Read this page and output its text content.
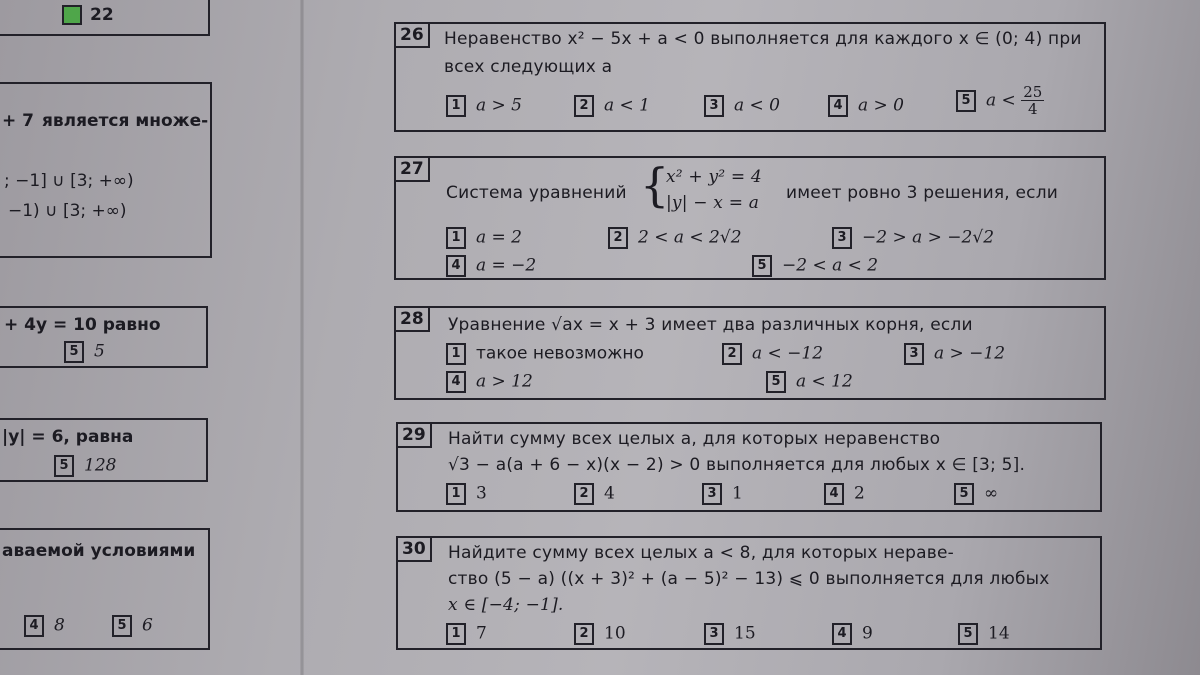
22
+ 7 является множе-
; −1] ∪ [3; +∞)
−1) ∪ [3; +∞)
+ 4y = 10 равно
5 5
|y| = 6, равна
5 128
аваемой условиями
4 8	5 6
26	Неравенство x² − 5x + a < 0 выполняется для каждого x ∈ (0; 4) при
всех следующих a
1 a > 5	2 a < 1	3 a < 0	4 a > 0	5 $a < \frac{25}{4}$
27
Система уравнений {
x² + y² = 4
|y| − x = a имеет ровно 3 решения, если
1 a = 2	2 2 < a < 2√2	3 −2 > a > −2√2
4 a = −2	5 −2 < a < 2
28	Уравнение √ax = x + 3 имеет два различных корня, если
1 такое невозможно	2 a < −12	3 a > −12
4 a > 12	5 a < 12
29	Найти сумму всех целых a, для которых неравенство
√3 − a(a + 6 − x)(x − 2) > 0 выполняется для любых x ∈ [3; 5].
1 3	2 4	3 1	4 2	5 ∞
30	Найдите сумму всех целых a < 8, для которых нераве-
ство (5 − a) ((x + 3)² + (a − 5)² − 13) ⩽ 0 выполняется для любых
x ∈ [−4; −1].
1 7	2 10	3 15	4 9	5 14
